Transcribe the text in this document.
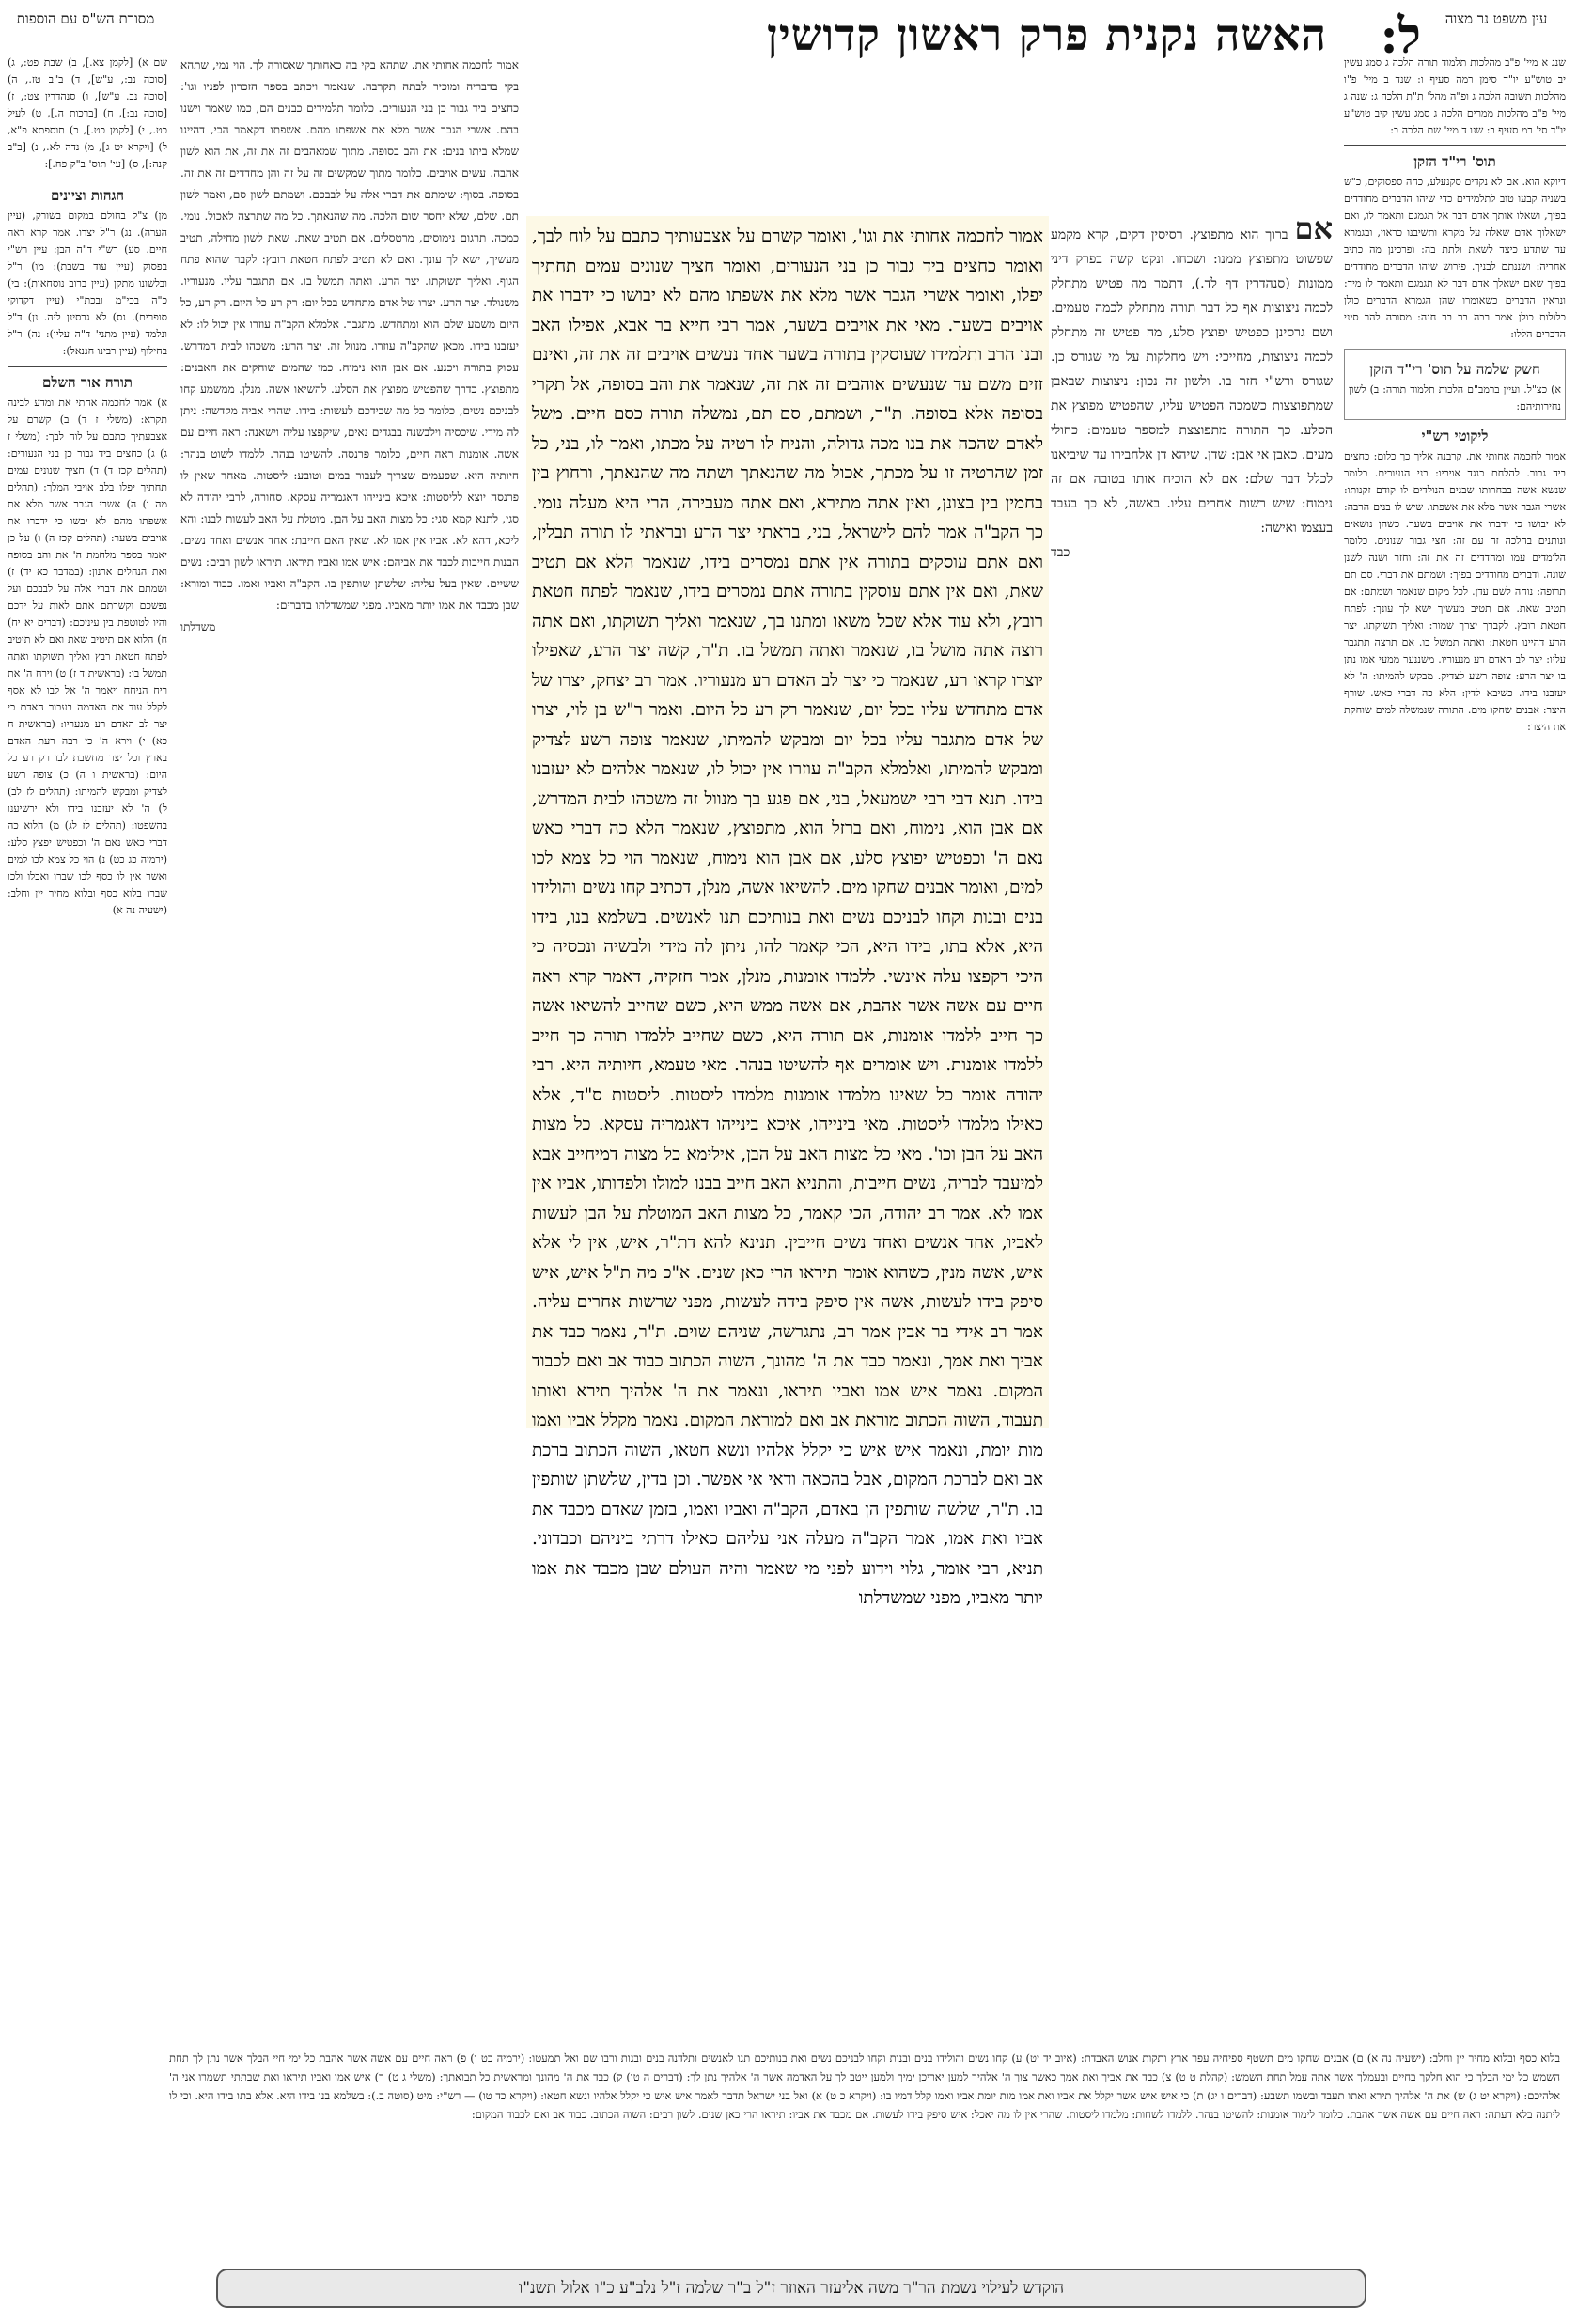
עין משפט נר מצוה
ל:
האשה נקנית פרק ראשון קדושין
מסורת הש"ס עם הוספות

שנג א מיי' פ"ב מהלכות תלמוד תורה הלכה ג סמג עשין יב טוש"ע יו"ד סימן רמה סעיף ו: שנד ב מיי' פ"ו מהלכות תשובה הלכה ג ופ"ה מהל' ת"ת הלכה ג: שנה ג מיי' פ"ב מהלכות ממרים הלכה ג סמג עשין קיב טוש"ע יו"ד סי' רמ סעיף ב: שנו ד מיי' שם הלכה ב:

תוס' רי"ד הזקן

דיוקא הוא. אם לא נקדים סקנעלע, כחה ספסוקים, כ"ש בשניה קבעו טוב לתלמידים כדי שיהו הדברים מחודדים בפיך, ושאלו אותך אדם דבר אל תגמגם ותאמר לו, ואם ישאלוך אדם שאלה על מקרא ותשיבנו כראוי, ובגמרא עד שתדע כיצד לשאת ולתת בה: ופרכינן מה כתיב אחריה: ושננתם לבניך. פירוש שיהו הדברים מחודדים בפיך שאם ישאלך אדם דבר לא תגמגם ותאמר לו מיד: ונראין הדברים כשאומרו שהן הגמרא הדברים כולן כלולות כולן אמר רבה בר בר חנה: מסורה להר סיני הדברים הללו:

חשק שלמה על תוס' רי"ד הזקן

א) כצ"ל. ועיין ברמב"ם הלכות תלמוד תורה: ב) לשון נחירותיהם:

ליקוטי רש"י

אמור לחכמה אחותי את. קרבנה אליך כך כלום: כחצים ביד גבור. להלחם כנגד אויביו: בני הנעורים. כלומר שנשא אשה בבחרותו שבנים הנולדים לו קודם זקנותו: אשרי הגבר אשר מלא את אשפתו. שיש לו בנים הרבה: לא יבושו כי ידברו את אויבים בשער. כשהן נושאים ונותנים בהלכה זה עם זה: חצי גבור שנונים. כלומר הלומדים עמו ומחדדים זה את זה: וחזר ושנה לשנן שונה. ודברים מחודדים בפיך: ושמתם את דברי. סם תם תרופה: נוחה לשם עדן. לכל מקום שנאמר ושמתם: אם תטיב שאת. אם תטיב מעשיך ישא לך עונך: לפתח חטאת רובץ. לקברך יצרך שמור: ואליך תשוקתו. יצר הרע דהיינו חטאת: ואתה תמשל בו. אם תרצה תתגבר עליו: יצר לב האדם רע מנעוריו. משננער ממעי אמו נתן בו יצר הרע: צופה רשע לצדיק. מבקש להמיתו: ה' לא יעזבנו בידו. כשיבא לדין: הלא כה דברי כאש. שורף היצר: אבנים שחקו מים. התורה שנמשלה למים שוחקת את היצר:

אם ברוך הוא מתפוצץ. רסיסין דקים, קרא מקמע שפשוט מתפוצץ ממנו: ושכחו. ונקט קשה בפרק דיני ממונות (סנהדרין דף לד.), דתמר מה פטיש מתחלק לכמה ניצוצות אף כל דבר תורה מתחלק לכמה טעמים. ושם גרסינן כפטיש יפוצץ סלע, מה פטיש זה מתחלק לכמה ניצוצות, מחייכי: ויש מחלקות על מי שגורס כן. שגורס ורש"י חזר בו. ולשון זה נכון: ניצוצות שבאבן שמתפוצצות כשמכה הפטיש עליו, שהפטיש מפוצץ את הסלע. כך התורה מתפוצצת למספר טעמים: כחולי מעים. כאבן אי אבן: שדן. שיהא דן אלחבירו עד שיביאנו לכלל דבר שלם: אם לא הוכיח אותו בטובה אם זה נימוח: שיש רשות אחרים עליו. באשה, לא כך בעבד בעצמו ואישה:

כבד

אמור לחכמה אחותי את וגו', ואומר קשרם על אצבעותיך כתבם על לוח לבך, ואומר כחצים ביד גבור כן בני הנעורים, ואומר חציך שנונים עמים תחתיך יפלו, ואומר אשרי הגבר אשר מלא את אשפתו מהם לא יבושו כי ידברו את אויבים בשער. מאי את אויבים בשער, אמר רבי חייא בר אבא, אפילו האב ובנו הרב ותלמידו שעוסקין בתורה בשער אחד נעשים אויבים זה את זה, ואינם זזים משם עד שנעשים אוהבים זה את זה, שנאמר את והב בסופה, אל תקרי בסופה אלא בסופה. ת"ר, ושמתם, סם תם, נמשלה תורה כסם חיים. משל לאדם שהכה את בנו מכה גדולה, והניח לו רטיה על מכתו, ואמר לו, בני, כל זמן שהרטיה זו על מכתך, אכול מה שהנאתך ושתה מה שהנאתך, ורחוץ בין בחמין בין בצונן, ואין אתה מתירא, ואם אתה מעבירה, הרי היא מעלה נומי. כך הקב"ה אמר להם לישראל, בני, בראתי יצר הרע ובראתי לו תורה תבלין, ואם אתם עוסקים בתורה אין אתם נמסרים בידו, שנאמר הלא אם תטיב שאת, ואם אין אתם עוסקין בתורה אתם נמסרים בידו, שנאמר לפתח חטאת רובץ, ולא עוד אלא שכל משאו ומתנו בך, שנאמר ואליך תשוקתו, ואם אתה רוצה אתה מושל בו, שנאמר ואתה תמשל בו. ת"ר, קשה יצר הרע, שאפילו יוצרו קראו רע, שנאמר כי יצר לב האדם רע מנעוריו. אמר רב יצחק, יצרו של אדם מתחדש עליו בכל יום, שנאמר רק רע כל היום. ואמר ר"ש בן לוי, יצרו של אדם מתגבר עליו בכל יום ומבקש להמיתו, שנאמר צופה רשע לצדיק ומבקש להמיתו, ואלמלא הקב"ה עוזרו אין יכול לו, שנאמר אלהים לא יעזבנו בידו. תנא דבי רבי ישמעאל, בני, אם פגע בך מנוול זה משכהו לבית המדרש, אם אבן הוא, נימוח, ואם ברזל הוא, מתפוצץ, שנאמר הלא כה דברי כאש נאם ה' וכפטיש יפוצץ סלע, אם אבן הוא נימוח, שנאמר הוי כל צמא לכו למים, ואומר אבנים שחקו מים. להשיאו אשה, מנלן, דכתיב קחו נשים והולידו בנים ובנות וקחו לבניכם נשים ואת בנותיכם תנו לאנשים. בשלמא בנו, בידו היא, אלא בתו, בידו היא, הכי קאמר להו, ניתן לה מידי ולבשיה ונכסיה כי היכי דקפצו עלה אינשי. ללמדו אומנות, מנלן, אמר חזקיה, דאמר קרא ראה חיים עם אשה אשר אהבת, אם אשה ממש היא, כשם שחייב להשיאו אשה כך חייב ללמדו אומנות, אם תורה היא, כשם שחייב ללמדו תורה כך חייב ללמדו אומנות. ויש אומרים אף להשיטו בנהר. מאי טעמא, חיותיה היא. רבי יהודה אומר כל שאינו מלמדו אומנות מלמדו ליסטות. ליסטות ס"ד, אלא כאילו מלמדו ליסטות. מאי בינייהו, איכא בינייהו דאגמריה עסקא. כל מצות האב על הבן וכו'. מאי כל מצות האב על הבן, אילימא כל מצוה דמיחייב אבא למיעבד לבריה, נשים חייבות, והתניא האב חייב בבנו למולו ולפדותו, אביו אין אמו לא. אמר רב יהודה, הכי קאמר, כל מצות האב המוטלת על הבן לעשות לאביו, אחד אנשים ואחד נשים חייבין. תנינא להא דת"ר, איש, אין לי אלא איש, אשה מנין, כשהוא אומר תיראו הרי כאן שנים. א"כ מה ת"ל איש, איש סיפק בידו לעשות, אשה אין סיפק בידה לעשות, מפני שרשות אחרים עליה. אמר רב אידי בר אבין אמר רב, נתגרשה, שניהם שוים. ת"ר, נאמר כבד את אביך ואת אמך, ונאמר כבד את ה' מהונך, השוה הכתוב כבוד אב ואם לכבוד המקום. נאמר איש אמו ואביו תיראו, ונאמר את ה' אלהיך תירא ואותו תעבוד, השוה הכתוב מוראת אב ואם למוראת המקום. נאמר מקלל אביו ואמו מות יומת, ונאמר איש איש כי יקלל אלהיו ונשא חטאו, השוה הכתוב ברכת אב ואם לברכת המקום, אבל בהכאה ודאי אי אפשר. וכן בדין, שלשתן שותפין בו. ת"ר, שלשה שותפין הן באדם, הקב"ה ואביו ואמו, בזמן שאדם מכבד את אביו ואת אמו, אמר הקב"ה מעלה אני עליהם כאילו דרתי ביניהם וכבדוני. תניא, רבי אומר, גלוי וידוע לפני מי שאמר והיה העולם שבן מכבד את אמו יותר מאביו, מפני שמשדלתו

אמור לחכמה אחותי את. שתהא בקי בה כאחותך שאסורה לך. הוי נמי, שתהא בקי בדבריה ומוכיר לבתה תקרבה. שנאמר ויכתב בספר הזכרון לפניו וגו': כחצים ביד גבור כן בני הנעורים. כלומר תלמידים כבנים הם, כמו שאמר וישנו בהם. אשרי הגבר אשר מלא את אשפתו מהם. אשפתו דקאמר הכי, דהיינו שמלא ביתו בנים: את והב בסופה. מתוך שמאהבים זה את זה, את הוא לשון אהבה. עשים אויבים. כלומר מתוך שמקשים זה על זה והן מחדדים זה את זה. בסופה. בסוף: שימתם את דברי אלה על לבבכם. ושמתם לשון סם, ואמר לשון תם. שלם, שלא יחסר שום הלכה. מה שהנאתך. כל מה שתרצה לאכול. נומי. כמכה. תרגום נימוסים, מרטסלים. אם תטיב שאת. שאת לשון מחילה, תטיב מעשיך, ישא לך עונך. ואם לא תטיב לפתח חטאת רובץ: לקבר שהוא פתח הגוף. ואליך תשוקתו. יצר הרע. ואתה תמשל בו. אם תתגבר עליו. מנעוריו. משנולד. יצר הרע. יצרו של אדם מתחדש בכל יום: רק רע כל היום. רק רע, כל היום משמע שלם הוא ומתחדש. מתגבר. אלמלא הקב"ה עוזרו אין יכול לו: לא יעזבנו בידו. מכאן שהקב"ה עוזרו. מנוול זה. יצר הרע: משכהו לבית המדרש. עסוק בתורה ויכנע. אם אבן הוא נימוח. כמו שהמים שוחקים את האבנים: מתפוצץ. כדרך שהפטיש מפוצץ את הסלע. להשיאו אשה. מנלן. ממשמע קחו לבניכם נשים, כלומר כל מה שבידכם לעשות: בידו. שהרי אביה מקדשה: ניתן לה מידי. שיכסיה וילבשנה בבגדים נאים, שיקפצו עליה וישאנה: ראה חיים עם אשה. אומנות ראה חיים, כלומר פרנסה. להשיטו בנהר. ללמדו לשוט בנהר: חיותיה היא. שפעמים שצריך לעבור במים וטובע: ליסטות. מאחר שאין לו פרנסה יוצא לליסטות: איכא בינייהו דאגמריה עסקא. סחורה, לרבי יהודה לא סגי, לתנא קמא סגי: כל מצות האב על הבן. מוטלת על האב לעשות לבנו: והא ליכא, דהא לא. אביו אין אמו לא. שאין האם חייבת: אחד אנשים ואחד נשים. הבנות חייבות לכבד את אביהם: איש אמו ואביו תיראו. תיראו לשון רבים: נשים ששיים. שאין בעל עליה: שלשתן שותפין בו. הקב"ה ואביו ואמו. כבוד ומורא: שבן מכבד את אמו יותר מאביו. מפני שמשדלתו בדברים:

משדלתו

שם א) [לקמן צא.], ב) שבת פט:, ג) [סוכה נב:, ע"ש], ד) ב"ב טז., ה) [סוכה נב. ע"ש], ו) סנהדרין צט:, ז) [סוכה נב:], ח) [ברכות ה.], ט) לעיל כט., י) [לקמן כט.], כ) תוספתא פ"א, ל) [ויקרא יט ג], מ) נדה לא., נ) [ב"ב קנה:], ס) [עי' תוס' ב"ק פח.]:

הגהות וציונים

מן) צ"ל בחולם במקום בשורק, (עיין הערה). נג) ר"ל יצרו. אמר קרא ראה חיים. סע) רש"י ד"ה הבן: עיין רש"י בפסוק (עיין עוד בשבת): מו) ר"ל ובלשונו מתקן (עיין ברוב נוסחאות): בי) כ"ה בכי"מ ובכת"י (עיין דקדוקי סופרים). נס) לא גרסינן ליה. נן) ד"ל ונלמד (עיין מתני' ד"ה עליו): נה) ר"ל בחילוף (עיין רבינו חננאל):

תורה אור השלם

א) אמר לחכמה אחתי את ומדע לבינה תקרא: (משלי ז ד) ב) קשרם על אצבעתיך כתבם על לוח לבך: (משלי ז ג) ג) כחצים ביד גבור כן בני הנעורים: (תהלים קכז ד) ד) חציך שנונים עמים תחתיך יפלו בלב אויבי המלך: (תהלים מה ו) ה) אשרי הגבר אשר מלא את אשפתו מהם לא יבשו כי ידברו את אויבים בשער: (תהלים קכז ה) ו) על כן יאמר בספר מלחמת ה' את והב בסופה ואת הנחלים ארנון: (במדבר כא יד) ז) ושמתם את דברי אלה על לבבכם ועל נפשכם וקשרתם אתם לאות על ידכם והיו לטוטפת בין עיניכם: (דברים יא יח) ח) הלוא אם תיטיב שאת ואם לא תיטיב לפתח חטאת רבץ ואליך תשוקתו ואתה תמשל בו: (בראשית ד ז) ט) וירח ה' את ריח הניחח ויאמר ה' אל לבו לא אסף לקלל עוד את האדמה בעבור האדם כי יצר לב האדם רע מנעריו: (בראשית ח כא) י) וירא ה' כי רבה רעת האדם בארץ וכל יצר מחשבת לבו רק רע כל היום: (בראשית ו ה) כ) צופה רשע לצדיק ומבקש להמיתו: (תהלים לז לב) ל) ה' לא יעזבנו בידו ולא ירשיענו בהשפטו: (תהלים לז לג) מ) הלוא כה דברי כאש נאם ה' וכפטיש יפצץ סלע: (ירמיה כג כט) נ) הוי כל צמא לכו למים ואשר אין לו כסף לכו שברו ואכלו ולכו שברו בלוא כסף ובלוא מחיר יין וחלב: (ישעיה נה א)

בלוא כסף ובלוא מחיר יין וחלב: (ישעיה נה א) ם) אבנים שחקו מים תשטף ספיחיה עפר ארץ ותקות אנוש האבדת: (איוב יד יט) ע) קחו נשים והולידו בנים ובנות וקחו לבניכם נשים ואת בנותיכם תנו לאנשים ותלדנה בנים ובנות ורבו שם ואל תמעטו: (ירמיה כט ו) פ) ראה חיים עם אשה אשר אהבת כל ימי חיי הבלך אשר נתן לך תחת השמש כל ימי הבלך כי הוא חלקך בחיים ובעמלך אשר אתה עמל תחת השמש: (קהלת ט ט) צ) כבד את אביך ואת אמך כאשר צוך ה' אלהיך למען יאריכן ימיך ולמען ייטב לך על האדמה אשר ה' אלהיך נתן לך: (דברים ה טו) ק) כבד את ה' מהונך ומראשית כל תבואתך: (משלי ג ט) ר) איש אמו ואביו תיראו ואת שבתתי תשמרו אני ה' אלהיכם: (ויקרא יט ג) ש) את ה' אלהיך תירא ואתו תעבד ובשמו תשבע: (דברים ו יג) ת) כי איש איש אשר יקלל את אביו ואת אמו מות יומת אביו ואמו קלל דמיו בו: (ויקרא כ ט) א) ואל בני ישראל תדבר לאמר איש איש כי יקלל אלהיו ונשא חטאו: (ויקרא כד טו) — רש"י: מיט (סוטה ב.): בשלמא בנו בידו היא. אלא בתו בידו היא. וכי לו ליתנה בלא דעתה: ראה חיים עם אשה אשר אהבת. כלומר לימוד אומנות: להשיטו בנהר. ללמדו לשחות: מלמדו ליסטות. שהרי אין לו מה יאכל: איש סיפק בידו לעשות. אם מכבד את אביו: תיראו הרי כאן שנים. לשון רבים: השוה הכתוב. כבוד אב ואם לכבוד המקום:
הוקדש לעילוי נשמת הר"ר משה אליעזר האוזר ז"ל ב"ר שלמה ז"ל נלב"ע כ"ו אלול תשנ"ו
